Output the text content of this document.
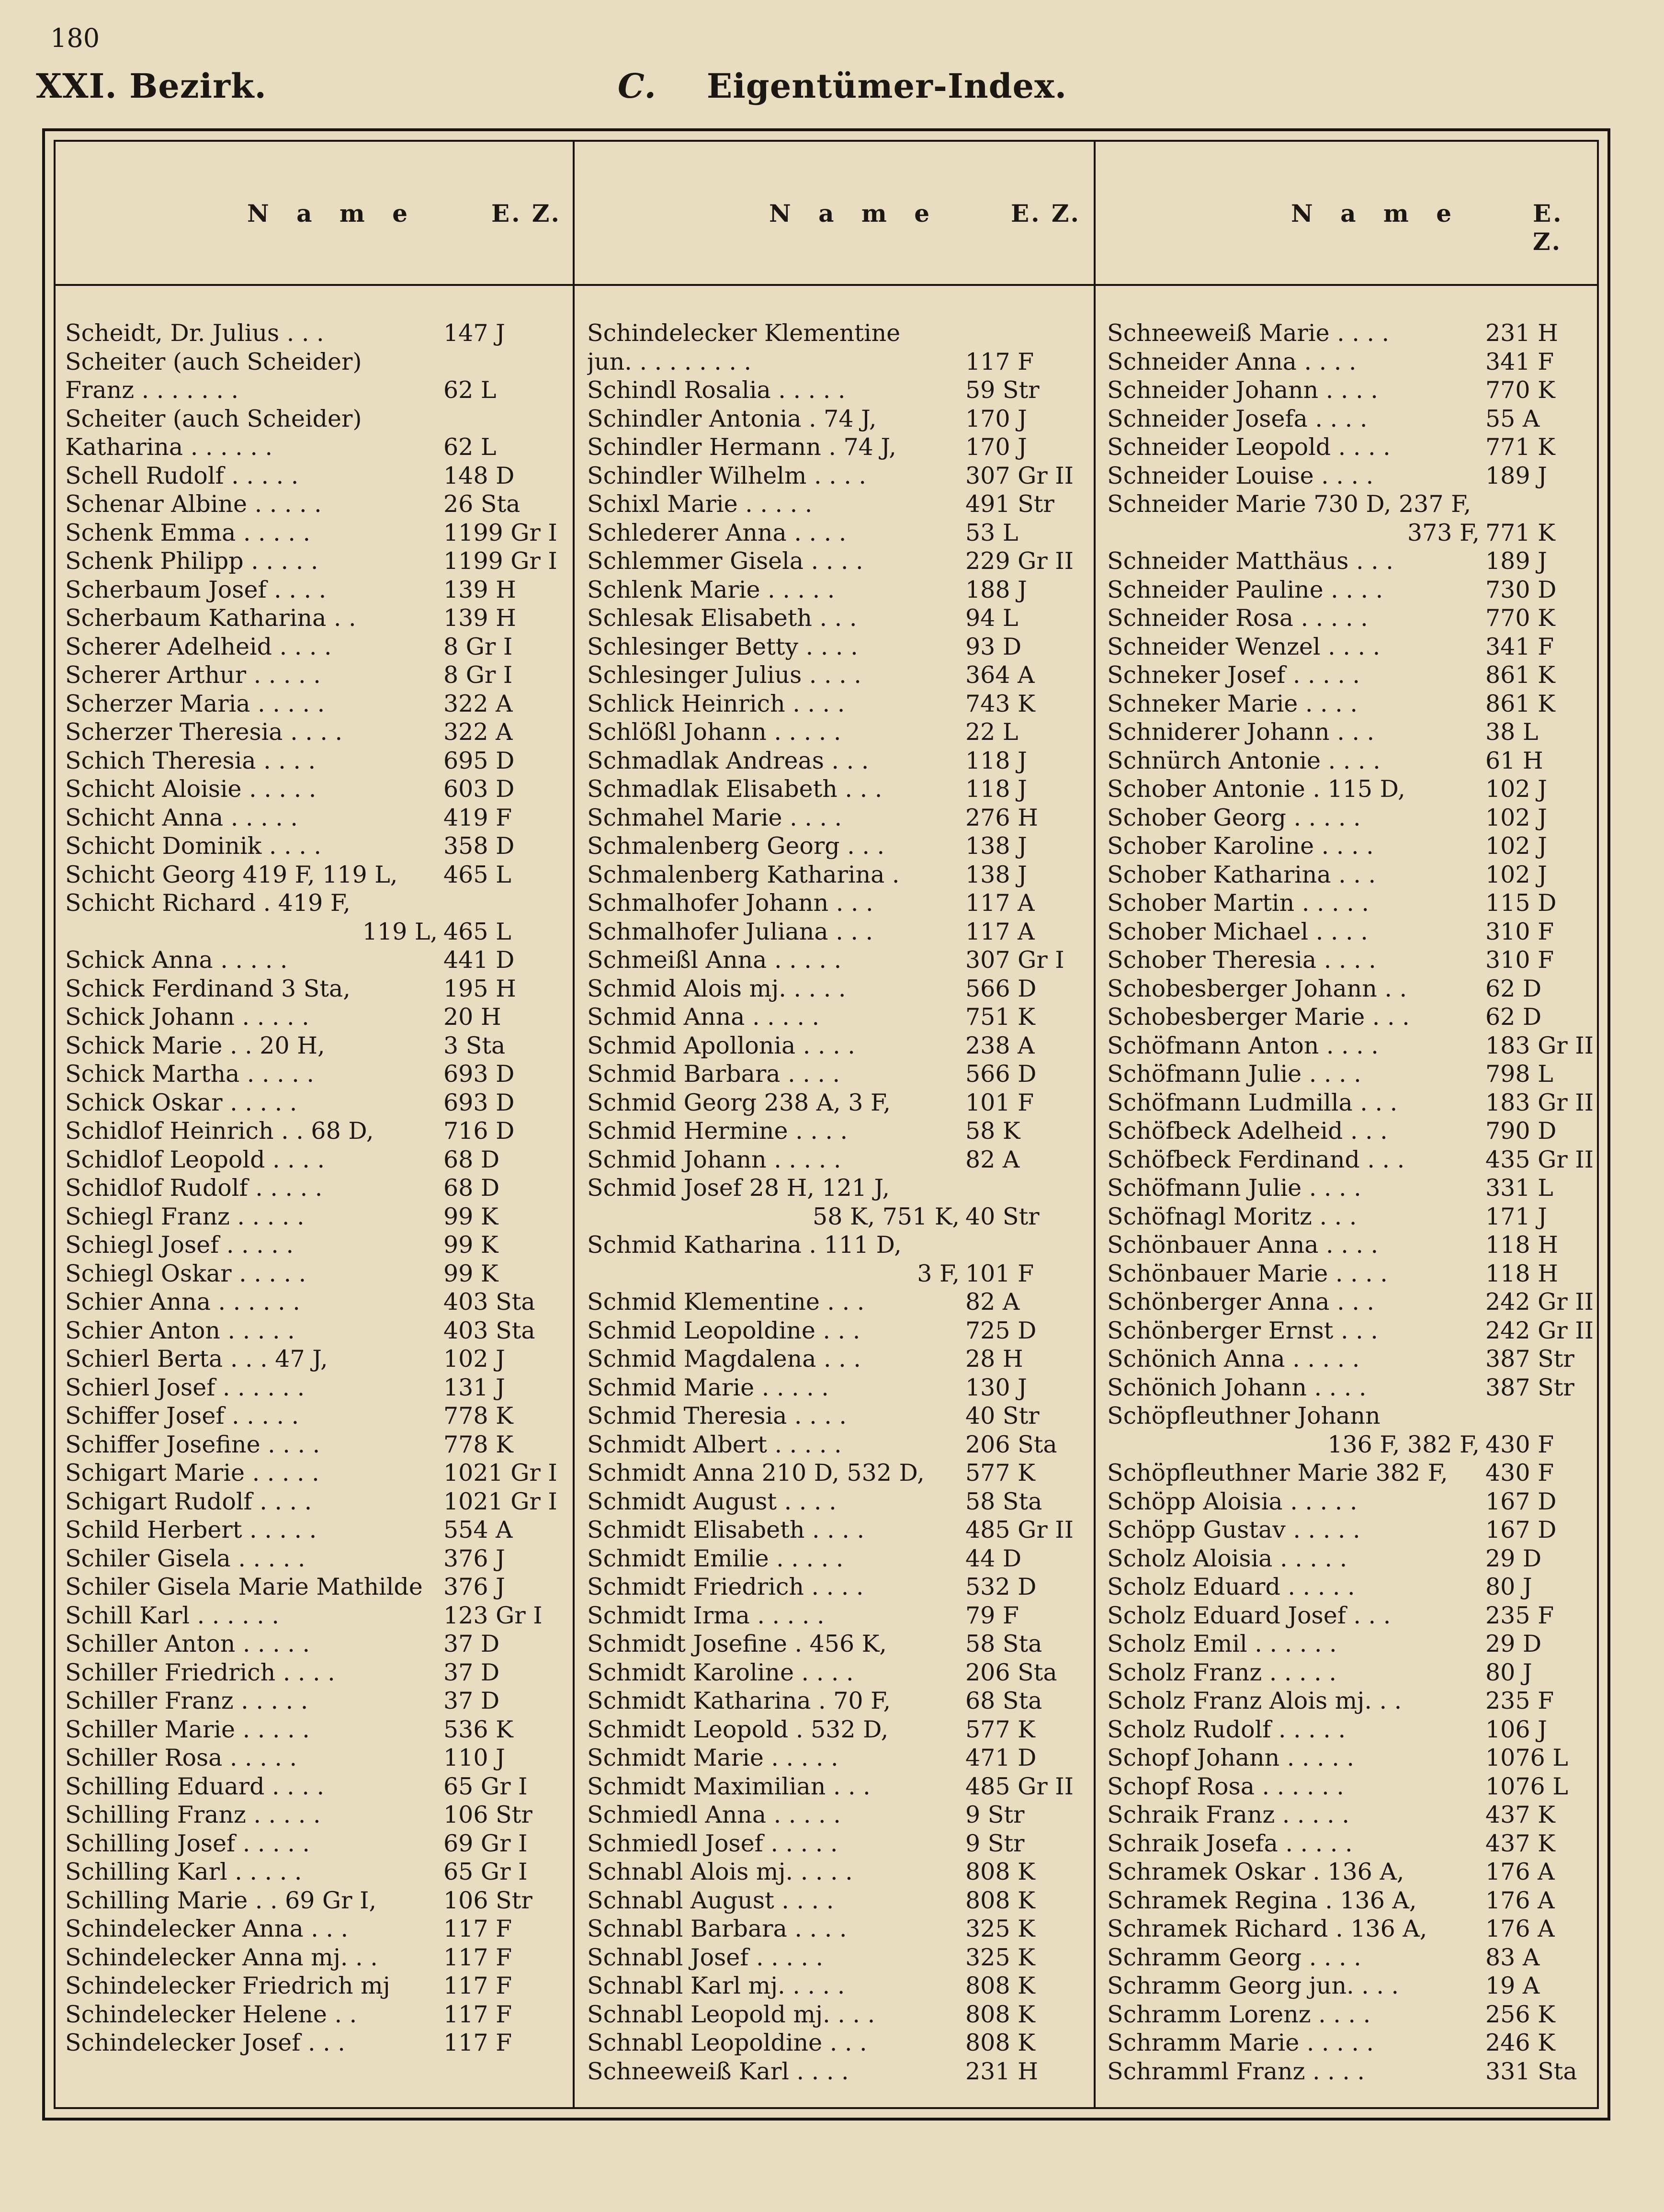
180
XXI. Bezirk.	C. Eigentümer-Index.
N a m e	E. Z.	N a m e	E. Z.	N a m e	E. Z.
Scheidt, Dr. Julius . . .	147 J
Scheiter (auch Scheider)
Franz . . . . . . .	62 L
Scheiter (auch Scheider)
Katharina . . . . . .	62 L
Schell Rudolf . . . . .	148 D
Schenar Albine . . . . .	26 Sta
Schenk Emma . . . . .	1199 Gr I
Schenk Philipp . . . . .	1199 Gr I
Scherbaum Josef . . . .	139 H
Scherbaum Katharina . .	139 H
Scherer Adelheid . . . .	8 Gr I
Scherer Arthur . . . . .	8 Gr I
Scherzer Maria . . . . .	322 A
Scherzer Theresia . . . .	322 A
Schich Theresia . . . .	695 D
Schicht Aloisie . . . . .	603 D
Schicht Anna . . . . .	419 F
Schicht Dominik . . . .	358 D
Schicht Georg 419 F, 119 L,	465 L
Schicht Richard . 419 F,
119 L, 465 L
Schick Anna . . . . .	441 D
Schick Ferdinand 3 Sta,	195 H
Schick Johann . . . . .	20 H
Schick Marie . . 20 H,	3 Sta
Schick Martha . . . . .	693 D
Schick Oskar . . . . .	693 D
Schidlof Heinrich . . 68 D,	716 D
Schidlof Leopold . . . .	68 D
Schidlof Rudolf . . . . .	68 D
Schiegl Franz . . . . .	99 K
Schiegl Josef . . . . .	99 K
Schiegl Oskar . . . . .	99 K
Schier Anna . . . . . .	403 Sta
Schier Anton . . . . .	403 Sta
Schierl Berta . . . 47 J,	102 J
Schierl Josef . . . . . .	131 J
Schiffer Josef . . . . .	778 K
Schiffer Josefine . . . .	778 K
Schigart Marie . . . . .	1021 Gr I
Schigart Rudolf . . . .	1021 Gr I
Schild Herbert . . . . .	554 A
Schiler Gisela . . . . .	376 J
Schiler Gisela Marie Mathilde 376 J
Schill Karl . . . . . .	123 Gr I
Schiller Anton . . . . .	37 D
Schiller Friedrich . . . .	37 D
Schiller Franz . . . . .	37 D
Schiller Marie . . . . .	536 K
Schiller Rosa . . . . .	110 J
Schilling Eduard . . . .	65 Gr I
Schilling Franz . . . . .	106 Str
Schilling Josef . . . . .	69 Gr I
Schilling Karl . . . . .	65 Gr I
Schilling Marie . . 69 Gr I,	106 Str
Schindelecker Anna . . .	117 F
Schindelecker Anna mj. . .	117 F
Schindelecker Friedrich mj	117 F
Schindelecker Helene . .	117 F
Schindelecker Josef . . .	117 F
Schindelecker Klementine
jun. . . . . . . . .	117 F
Schindl Rosalia . . . . .	59 Str
Schindler Antonia . 74 J,	170 J
Schindler Hermann . 74 J,	170 J
Schindler Wilhelm . . . .	307 Gr II
Schixl Marie . . . . .	491 Str
Schlederer Anna . . . .	53 L
Schlemmer Gisela . . . .	229 Gr II
Schlenk Marie . . . . .	188 J
Schlesak Elisabeth . . .	94 L
Schlesinger Betty . . . .	93 D
Schlesinger Julius . . . .	364 A
Schlick Heinrich . . . .	743 K
Schlößl Johann . . . . .	22 L
Schmadlak Andreas . . .	118 J
Schmadlak Elisabeth . . .	118 J
Schmahel Marie . . . .	276 H
Schmalenberg Georg . . .	138 J
Schmalenberg Katharina .	138 J
Schmalhofer Johann . . .	117 A
Schmalhofer Juliana . . .	117 A
Schmeißl Anna . . . . .	307 Gr I
Schmid Alois mj. . . . .	566 D
Schmid Anna . . . . .	751 K
Schmid Apollonia . . . .	238 A
Schmid Barbara . . . .	566 D
Schmid Georg 238 A, 3 F,	101 F
Schmid Hermine . . . .	58 K
Schmid Johann . . . . .	82 A
Schmid Josef 28 H, 121 J,
58 K, 751 K, 40 Str
Schmid Katharina . 111 D,
3 F, 101 F
Schmid Klementine . . .	82 A
Schmid Leopoldine . . .	725 D
Schmid Magdalena . . .	28 H
Schmid Marie . . . . .	130 J
Schmid Theresia . . . .	40 Str
Schmidt Albert . . . . .	206 Sta
Schmidt Anna 210 D, 532 D,	577 K
Schmidt August . . . .	58 Sta
Schmidt Elisabeth . . . .	485 Gr II
Schmidt Emilie . . . . .	44 D
Schmidt Friedrich . . . .	532 D
Schmidt Irma . . . . .	79 F
Schmidt Josefine . 456 K,	58 Sta
Schmidt Karoline . . . .	206 Sta
Schmidt Katharina . 70 F,	68 Sta
Schmidt Leopold . 532 D,	577 K
Schmidt Marie . . . . .	471 D
Schmidt Maximilian . . .	485 Gr II
Schmiedl Anna . . . . .	9 Str
Schmiedl Josef . . . . .	9 Str
Schnabl Alois mj. . . . .	808 K
Schnabl August . . . .	808 K
Schnabl Barbara . . . .	325 K
Schnabl Josef . . . . .	325 K
Schnabl Karl mj. . . . .	808 K
Schnabl Leopold mj. . . .	808 K
Schnabl Leopoldine . . .	808 K
Schneeweiß Karl . . . .	231 H
Schneeweiß Marie . . . .	231 H
Schneider Anna . . . .	341 F
Schneider Johann . . . .	770 K
Schneider Josefa . . . .	55 A
Schneider Leopold . . . .	771 K
Schneider Louise . . . .	189 J
Schneider Marie 730 D, 237 F,
373 F, 771 K
Schneider Matthäus . . .	189 J
Schneider Pauline . . . .	730 D
Schneider Rosa . . . . .	770 K
Schneider Wenzel . . . .	341 F
Schneker Josef . . . . .	861 K
Schneker Marie . . . .	861 K
Schniderer Johann . . .	38 L
Schnürch Antonie . . . .	61 H
Schober Antonie . 115 D,	102 J
Schober Georg . . . . .	102 J
Schober Karoline . . . .	102 J
Schober Katharina . . .	102 J
Schober Martin . . . . .	115 D
Schober Michael . . . .	310 F
Schober Theresia . . . .	310 F
Schobesberger Johann . .	62 D
Schobesberger Marie . . .	62 D
Schöfmann Anton . . . .	183 Gr II
Schöfmann Julie . . . .	798 L
Schöfmann Ludmilla . . .	183 Gr II
Schöfbeck Adelheid . . .	790 D
Schöfbeck Ferdinand . . .	435 Gr II
Schöfmann Julie . . . .	331 L
Schöfnagl Moritz . . .	171 J
Schönbauer Anna . . . .	118 H
Schönbauer Marie . . . .	118 H
Schönberger Anna . . .	242 Gr II
Schönberger Ernst . . .	242 Gr II
Schönich Anna . . . . .	387 Str
Schönich Johann . . . .	387 Str
Schöpfleuthner Johann
136 F, 382 F, 430 F
Schöpfleuthner Marie 382 F,	430 F
Schöpp Aloisia . . . . .	167 D
Schöpp Gustav . . . . .	167 D
Scholz Aloisia . . . . .	29 D
Scholz Eduard . . . . .	80 J
Scholz Eduard Josef . . .	235 F
Scholz Emil . . . . . .	29 D
Scholz Franz . . . . .	80 J
Scholz Franz Alois mj. . .	235 F
Scholz Rudolf . . . . .	106 J
Schopf Johann . . . . .	1076 L
Schopf Rosa . . . . . .	1076 L
Schraik Franz . . . . .	437 K
Schraik Josefa . . . . .	437 K
Schramek Oskar . 136 A,	176 A
Schramek Regina . 136 A,	176 A
Schramek Richard . 136 A,	176 A
Schramm Georg . . . .	83 A
Schramm Georg jun. . . .	19 A
Schramm Lorenz . . . .	256 K
Schramm Marie . . . . .	246 K
Schramml Franz . . . .	331 Sta
